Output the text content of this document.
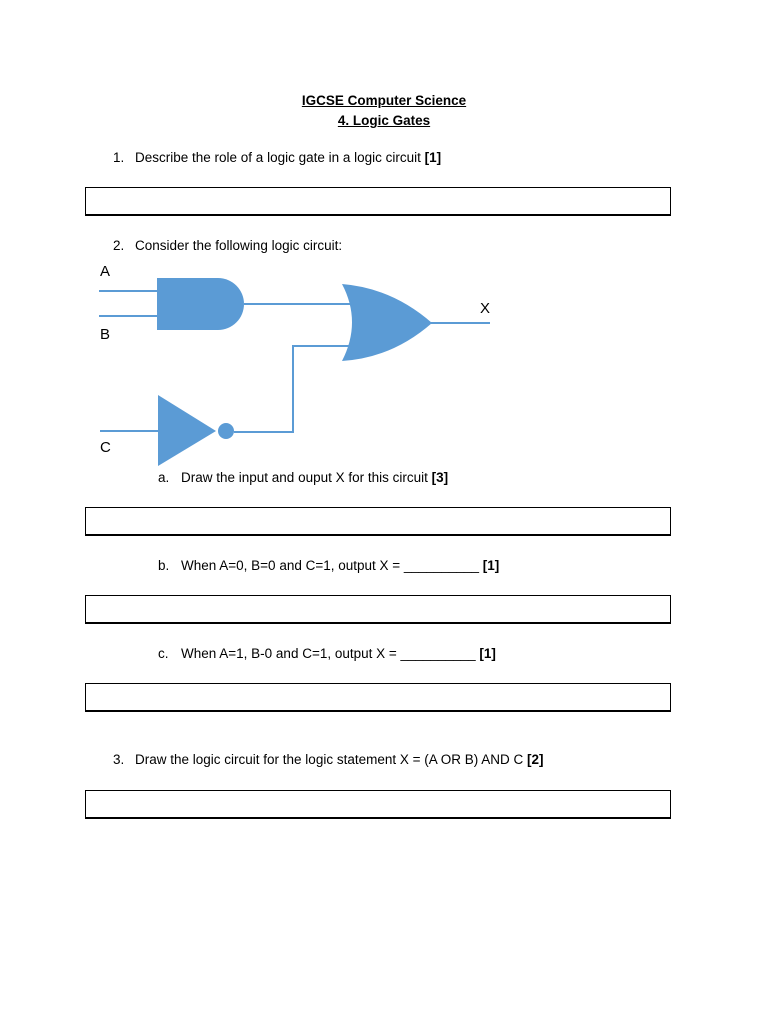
IGCSE Computer Science
4. Logic Gates
1. Describe the role of a logic gate in a logic circuit [1]
2. Consider the following logic circuit:
A
B
C
X
a. Draw the input and ouput X for this circuit [3]
b. When A=0, B=0 and C=1, output X = __________ [1]
c. When A=1, B-0 and C=1, output X = __________ [1]
3. Draw the logic circuit for the logic statement X = (A OR B) AND C [2]
